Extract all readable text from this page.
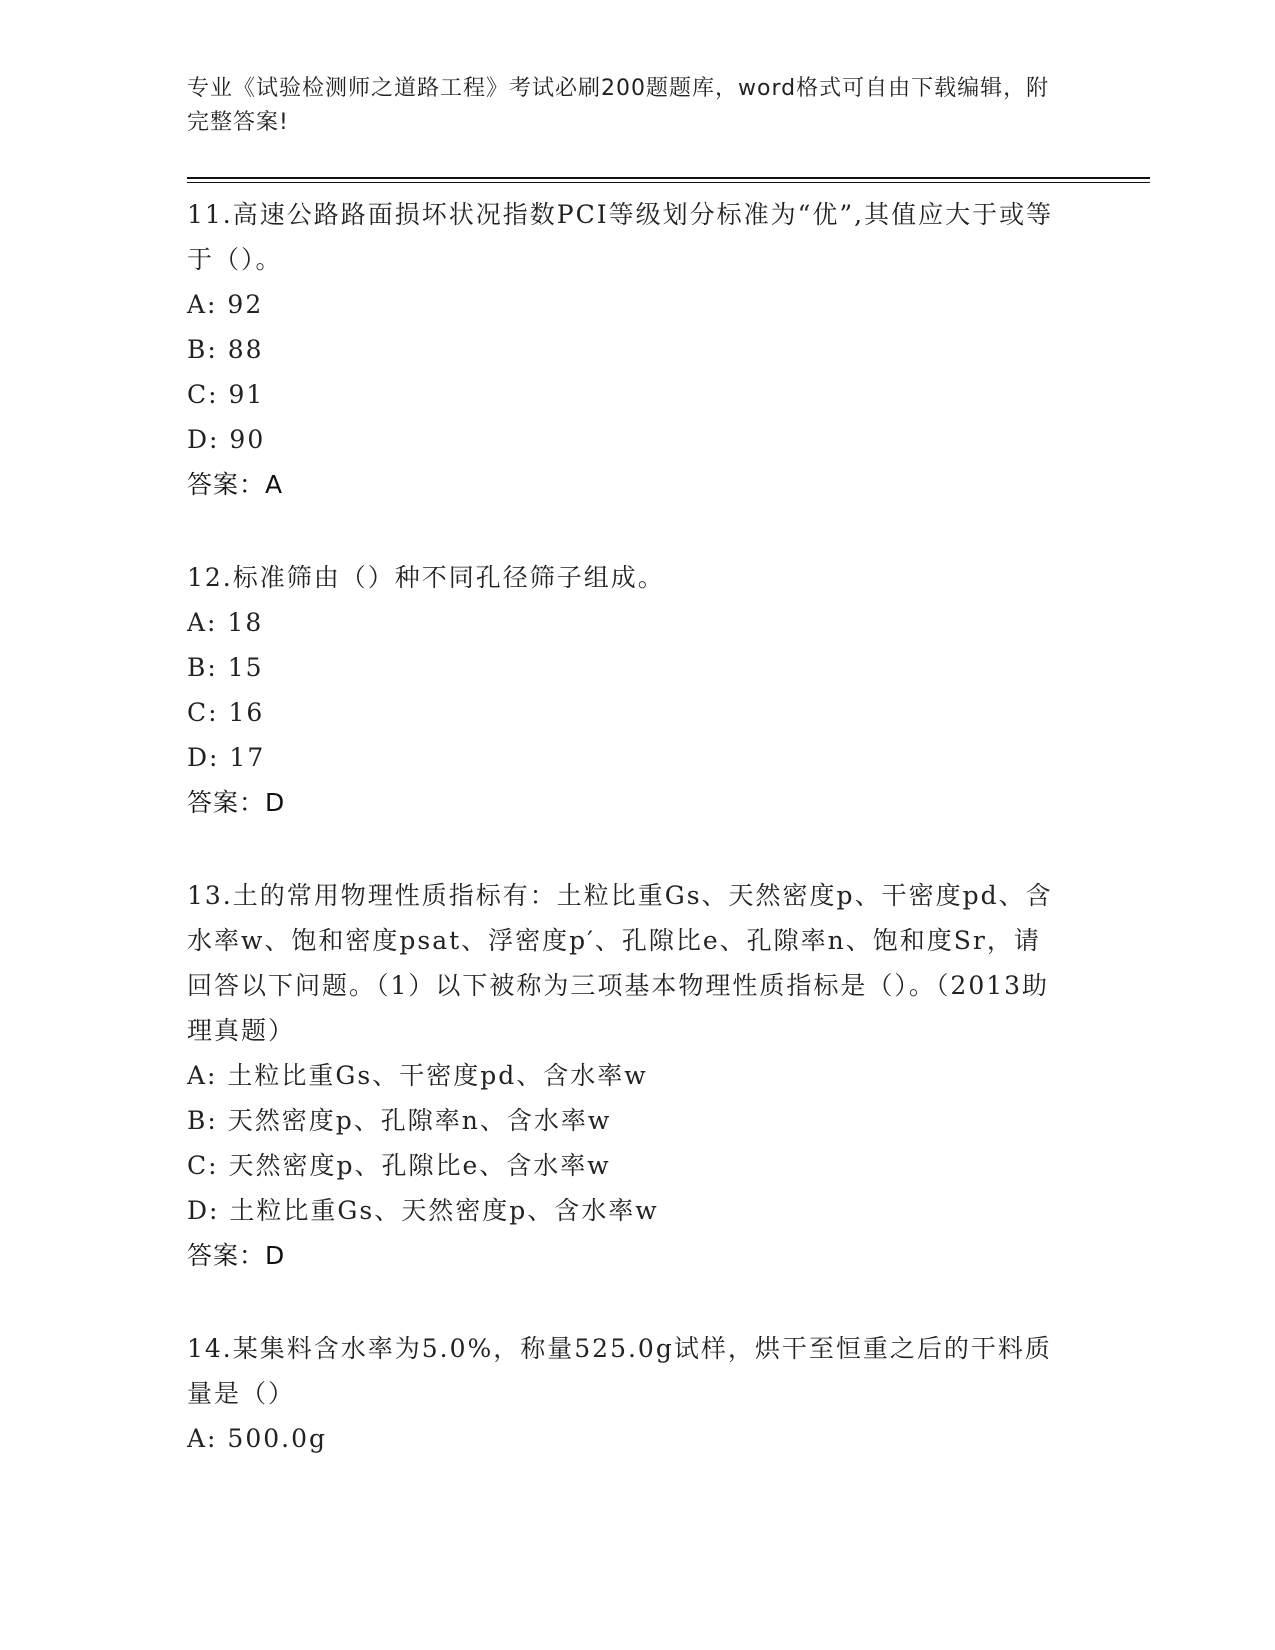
专业《试验检测师之道路工程》考试必刷200题题库，word格式可自由下载编辑，附完整答案!

11.高速公路路面损坏状况指数PCI等级划分标准为“优”,其值应大于或等于（）。

A: 92

B: 88

C: 91

D: 90

答案：A

12.标准筛由（）种不同孔径筛子组成。

A: 18

B: 15

C: 16

D: 17

答案：D

13.土的常用物理性质指标有：土粒比重Gs、天然密度p、干密度pd、含水率w、饱和密度psat、浮密度p′、孔隙比e、孔隙率n、饱和度Sr，请回答以下问题。（1）以下被称为三项基本物理性质指标是（）。（2013助理真题）

A: 土粒比重Gs、干密度pd、含水率w

B: 天然密度p、孔隙率n、含水率w

C: 天然密度p、孔隙比e、含水率w

D: 土粒比重Gs、天然密度p、含水率w

答案：D

14.某集料含水率为5.0%，称量525.0g试样，烘干至恒重之后的干料质量是（）

A: 500.0g
